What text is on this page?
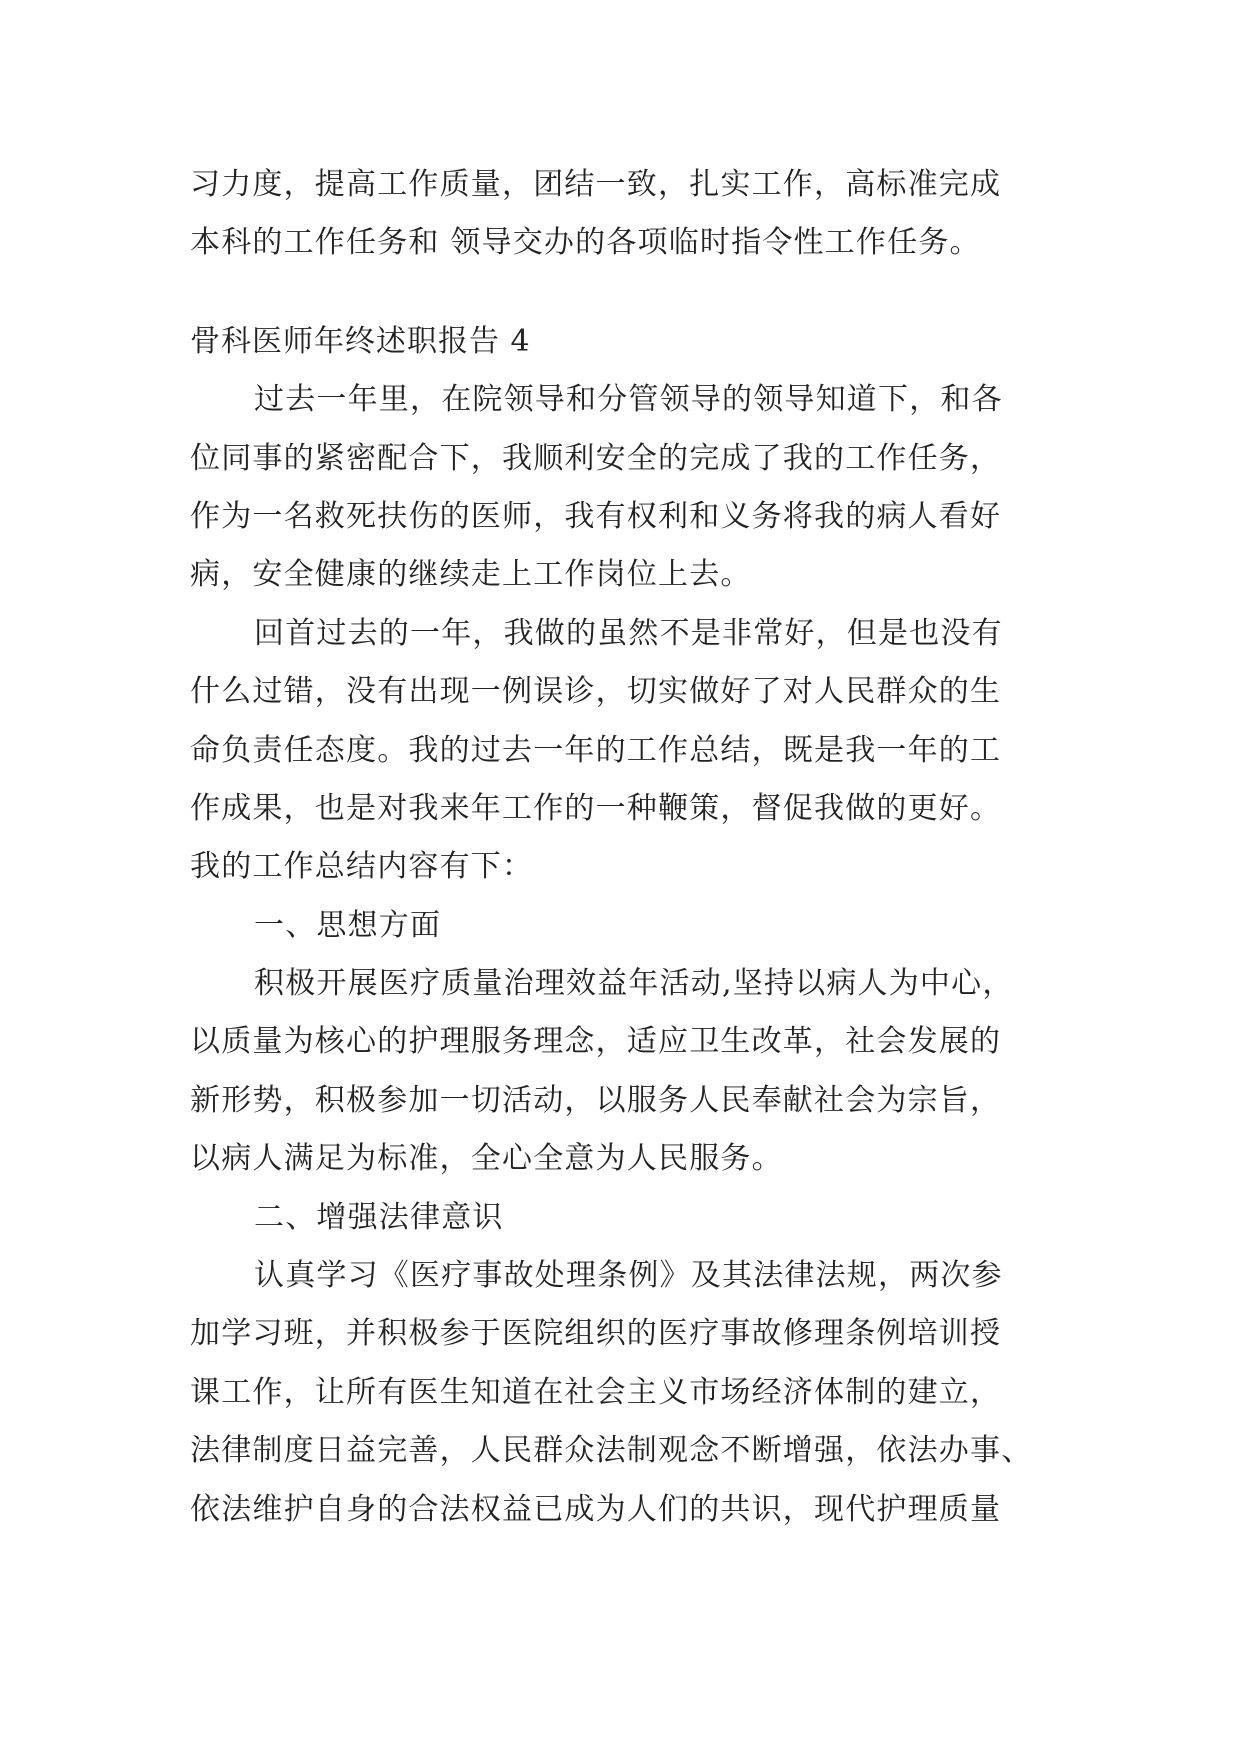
习力度，提高工作质量，团结一致，扎实工作，高标准完成
本科的工作任务和 领导交办的各项临时指令性工作任务。
骨科医师年终述职报告 4
过去一年里，在院领导和分管领导的领导知道下，和各
位同事的紧密配合下，我顺利安全的完成了我的工作任务，
作为一名救死扶伤的医师，我有权利和义务将我的病人看好
病，安全健康的继续走上工作岗位上去。
回首过去的一年，我做的虽然不是非常好，但是也没有
什么过错，没有出现一例误诊，切实做好了对人民群众的生
命负责任态度。我的过去一年的工作总结，既是我一年的工
作成果，也是对我来年工作的一种鞭策，督促我做的更好。
我的工作总结内容有下：
一、思想方面
积极开展医疗质量治理效益年活动,坚持以病人为中心，
以质量为核心的护理服务理念，适应卫生改革，社会发展的
新形势，积极参加一切活动，以服务人民奉献社会为宗旨，
以病人满足为标准，全心全意为人民服务。
二、增强法律意识
认真学习《医疗事故处理条例》及其法律法规，两次参
加学习班，并积极参于医院组织的医疗事故修理条例培训授
课工作，让所有医生知道在社会主义市场经济体制的建立，
法律制度日益完善，人民群众法制观念不断增强，依法办事、
依法维护自身的合法权益已成为人们的共识，现代护理质量
